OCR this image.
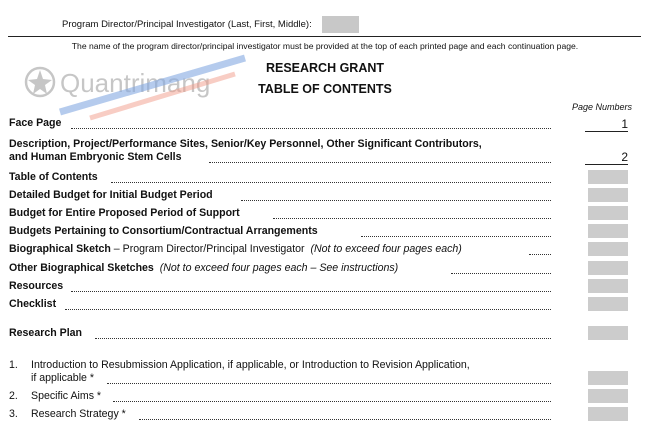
Program Director/Principal Investigator (Last, First, Middle):
The name of the program director/principal investigator must be provided at the top of each printed page and each continuation page.
RESEARCH GRANT
TABLE OF CONTENTS
Page Numbers
Quantrimang
Face Page	1
Description, Project/Performance Sites, Senior/Key Personnel, Other Significant Contributors,
and Human Embryonic Stem Cells	2
Table of Contents
Detailed Budget for Initial Budget Period
Budget for Entire Proposed Period of Support
Budgets Pertaining to Consortium/Contractual Arrangements
Biographical Sketch – Program Director/Principal Investigator (Not to exceed four pages each)
Other Biographical Sketches (Not to exceed four pages each – See instructions)
Resources
Checklist
Research Plan
1. Introduction to Resubmission Application, if applicable, or Introduction to Revision Application,
if applicable *
2. Specific Aims *
3. Research Strategy *
